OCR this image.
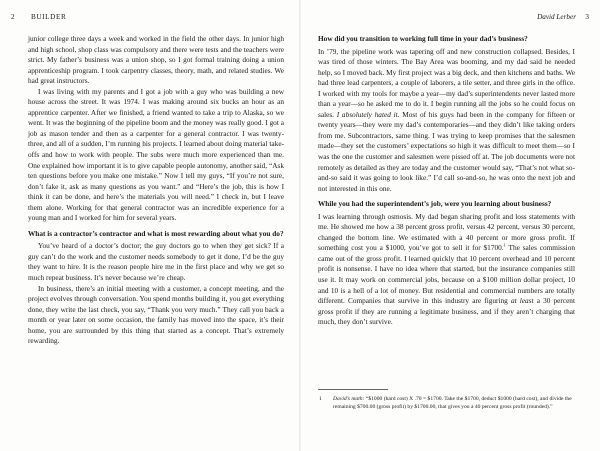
2 BUILDER

junior college three days a week and worked in the field the other days. In junior high and high school, shop class was compulsory and there were tests and the teachers were strict. My father’s business was a union shop, so I got formal training doing a union apprenticeship program. I took carpentry classes, theory, math, and related studies. We had great instructors.

I was living with my parents and I got a job with a guy who was building a new house across the street. It was 1974. I was making around six bucks an hour as an apprentice carpenter. After we finished, a friend wanted to take a trip to Alaska, so we went. It was the beginning of the pipeline boom and the money was really good. I got a job as mason tender and then as a carpenter for a general contractor. I was twenty-three, and all of a sudden, I’m running his projects. I learned about doing material take-offs and how to work with people. The subs were much more experienced than me. One explained how important it is to give capable people autonomy, another said, “Ask ten questions before you make one mistake.” Now I tell my guys, “If you’re not sure, don’t fake it, ask as many questions as you want.” and “Here’s the job, this is how I think it can be done, and here’s the materials you will need.” I check in, but I leave them alone. Working for that general contractor was an incredible experience for a young man and I worked for him for several years.

What is a contractor’s contractor and what is most rewarding about what you do?

You’ve heard of a doctor’s doctor; the guy doctors go to when they get sick? If a guy can’t do the work and the customer needs somebody to get it done, I’d be the guy they want to hire. It is the reason people hire me in the first place and why we get so much repeat business. It’s never because we’re cheap.

In business, there’s an initial meeting with a customer, a concept meeting, and the project evolves through conversation. You spend months building it, you get everything done, they write the last check, you say, “Thank you very much.” They call you back a month or year later on some occasion, the family has moved into the space, it’s their home, you are surrounded by this thing that started as a concept. That’s extremely rewarding.

David Lerber 3

How did you transition to working full time in your dad’s business?

In ’79, the pipeline work was tapering off and new construction collapsed. Besides, I was tired of those winters. The Bay Area was booming, and my dad said he needed help, so I moved back. My first project was a big deck, and then kitchens and baths. We had three lead carpenters, a couple of laborers, a tile setter, and three girls in the office. I worked with my tools for maybe a year—my dad’s superintendents never lasted more than a year—so he asked me to do it. I begin running all the jobs so he could focus on sales. I absolutely hated it. Most of his guys had been in the company for fifteen or twenty years—they were my dad’s contemporaries—and they didn’t like taking orders from me. Subcontractors, same thing. I was trying to keep promises that the salesmen made—they set the customers’ expectations so high it was difficult to meet them—so I was the one the customer and salesmen were pissed off at. The job documents were not remotely as detailed as they are today and the customer would say, “That’s not what so-and-so said it was going to look like.” I’d call so-and-so, he was onto the next job and not interested in this one.

While you had the superintendent’s job, were you learning about business?

I was learning through osmosis. My dad began sharing profit and loss statements with me. He showed me how a 38 percent gross profit, versus 42 percent, versus 30 percent, changed the bottom line. We estimated with a 40 percent or more gross profit. If something cost you a $1000, you’ve got to sell it for $1700.$^1$ The sales commission came out of the gross profit. I learned quickly that 10 percent overhead and 10 percent profit is nonsense. I have no idea where that started, but the insurance companies still use it. It may work on commercial jobs, because on a $100 million dollar project, 10 and 10 is a hell of a lot of money. But residential and commercial numbers are totally different. Companies that survive in this industry are figuring at least a 30 percent gross profit if they are running a legitimate business, and if they aren’t charging that much, they don’t survive.

1	David’s math: “$1000 (hard cost) X .70 = $1700. Take the $1700, deduct $1000 (hard cost), and divide the remaining $700.00 (gross profit) by $1700.00, that gives you a 40 percent gross profit (rounded).”
